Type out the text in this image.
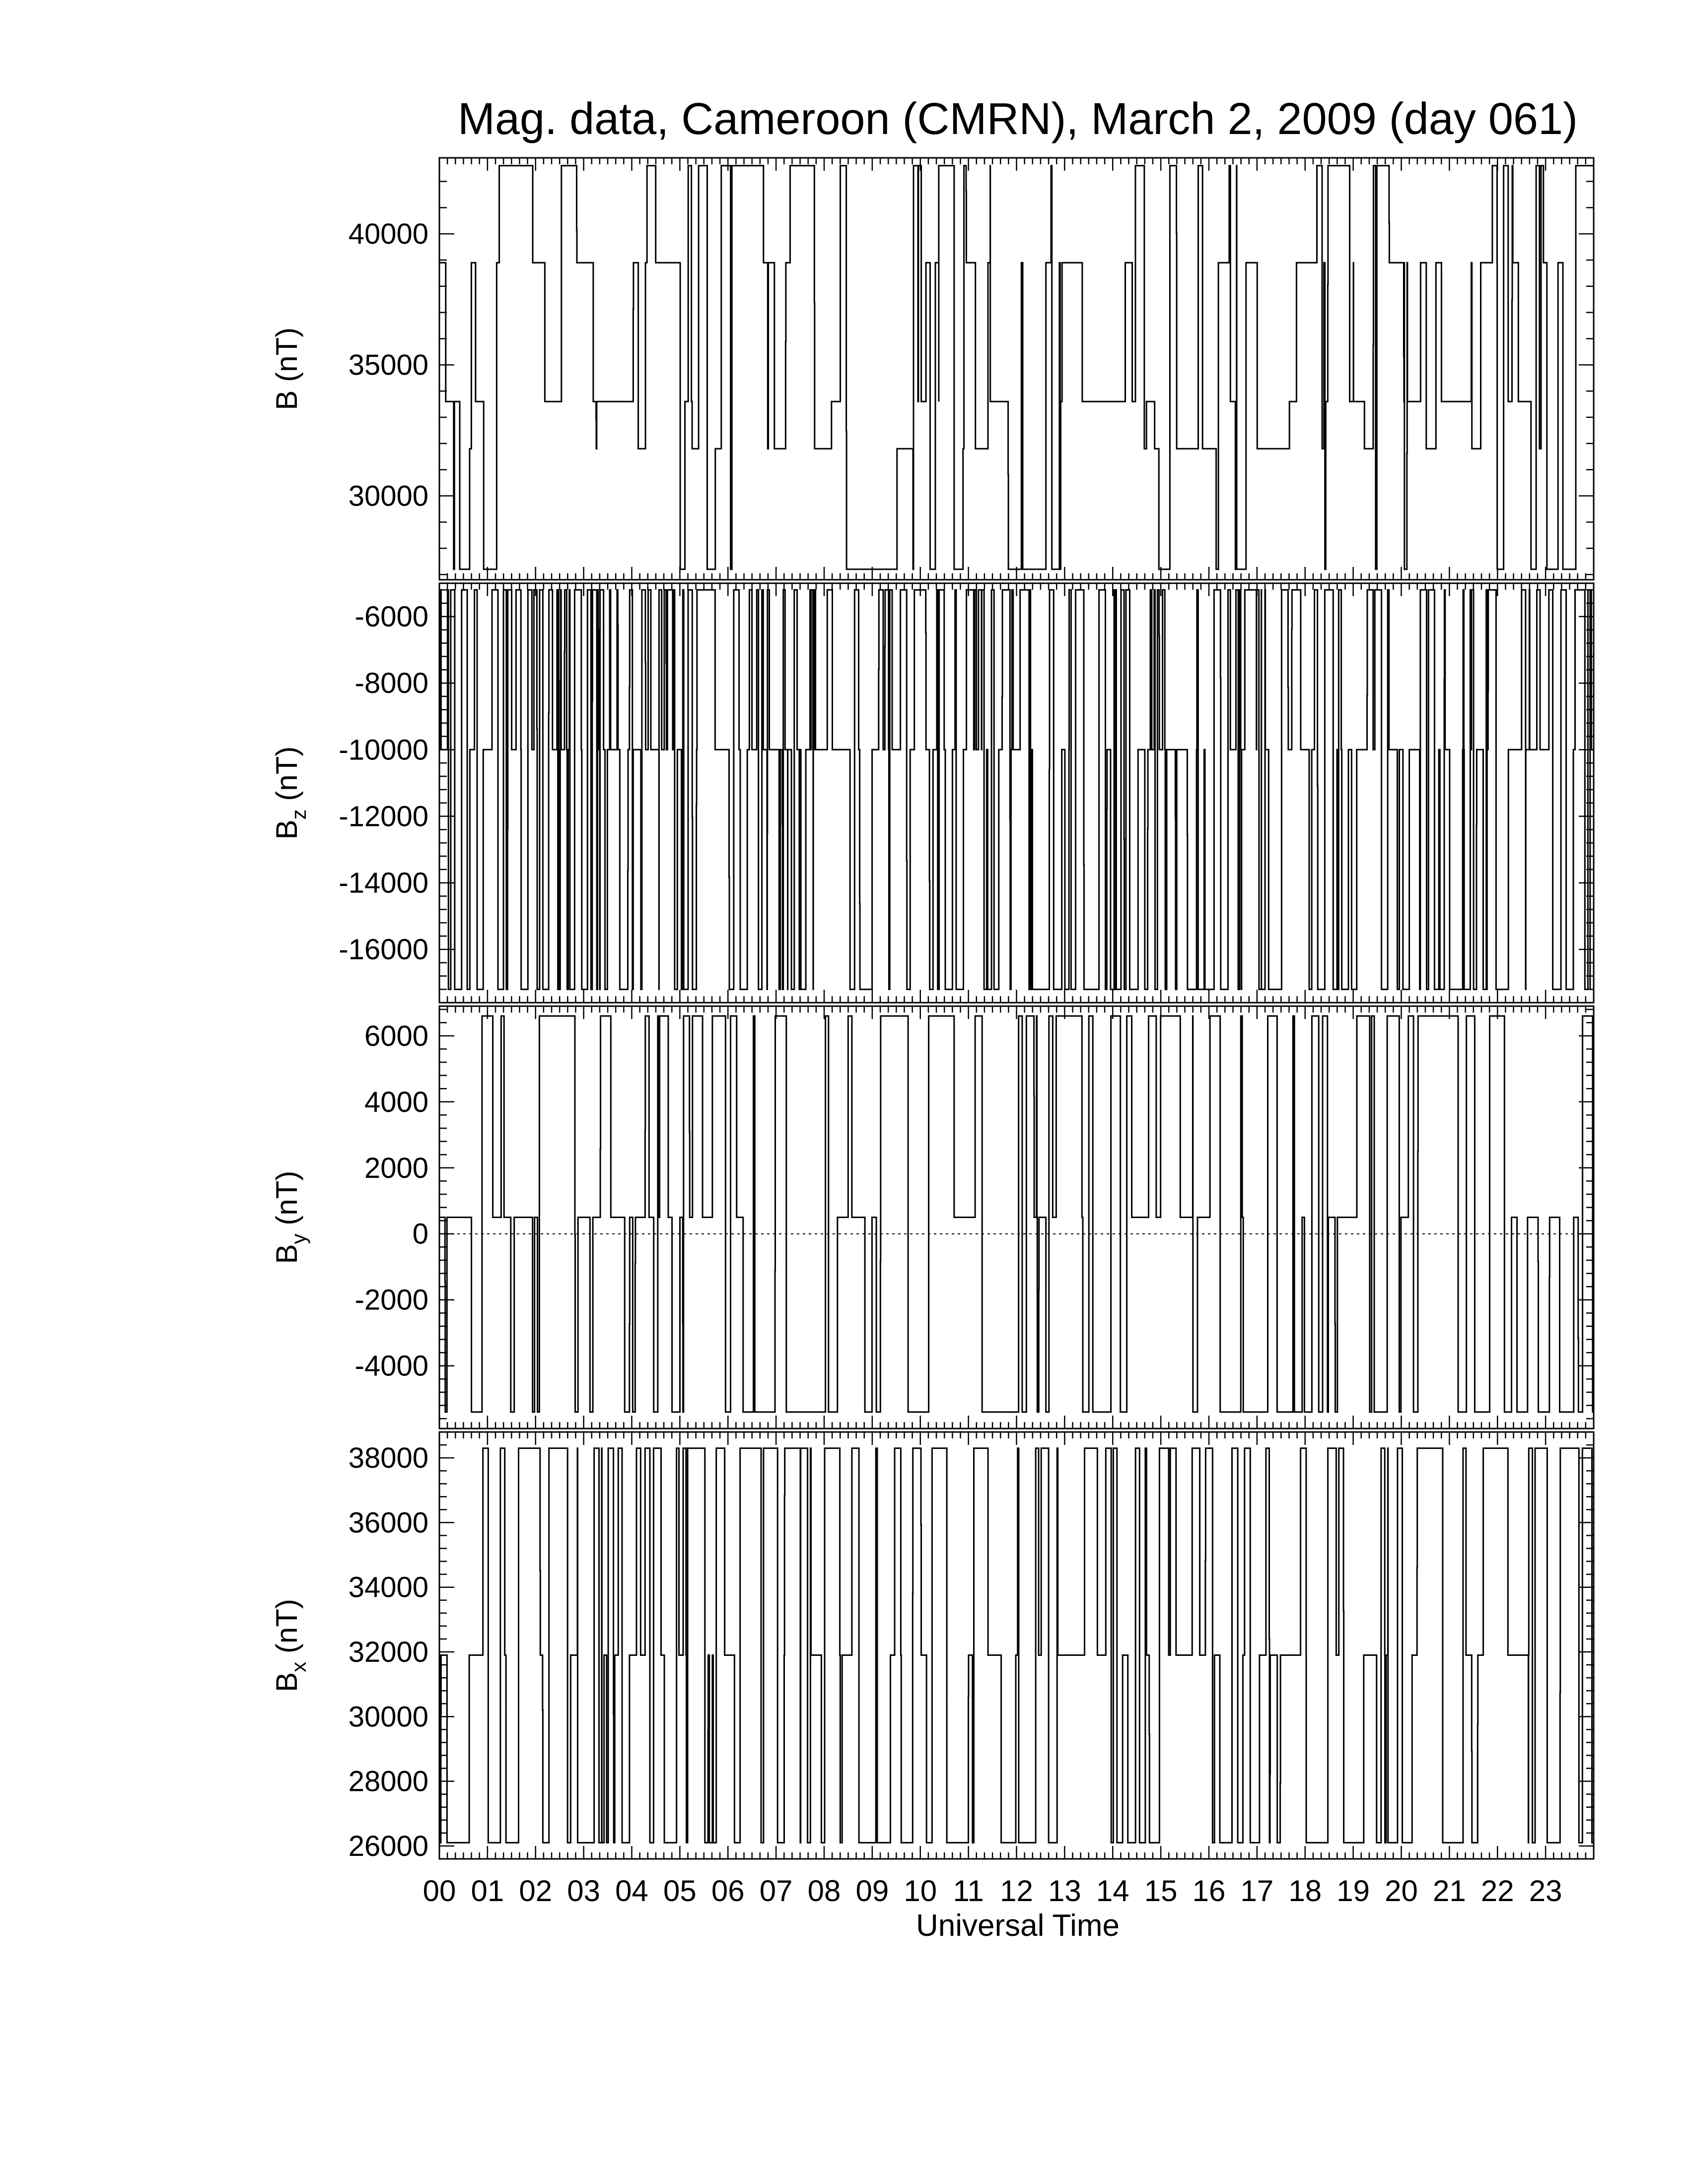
Mag. data, Cameroon (CMRN), March 2, 2009 (day 061)
30000
35000
40000
B (nT)
-16000
-14000
-12000
-10000
-8000
-6000
$B_z$ (nT)
-4000
-2000
0
2000
4000
6000
$B_y$ (nT)
26000
28000
30000
32000
34000
36000
38000
$B_x$ (nT)
00 01 02 03 04 05 06 07 08 09 10 11 12 13 14 15 16 17 18 19 20 21 22 23
Universal Time
